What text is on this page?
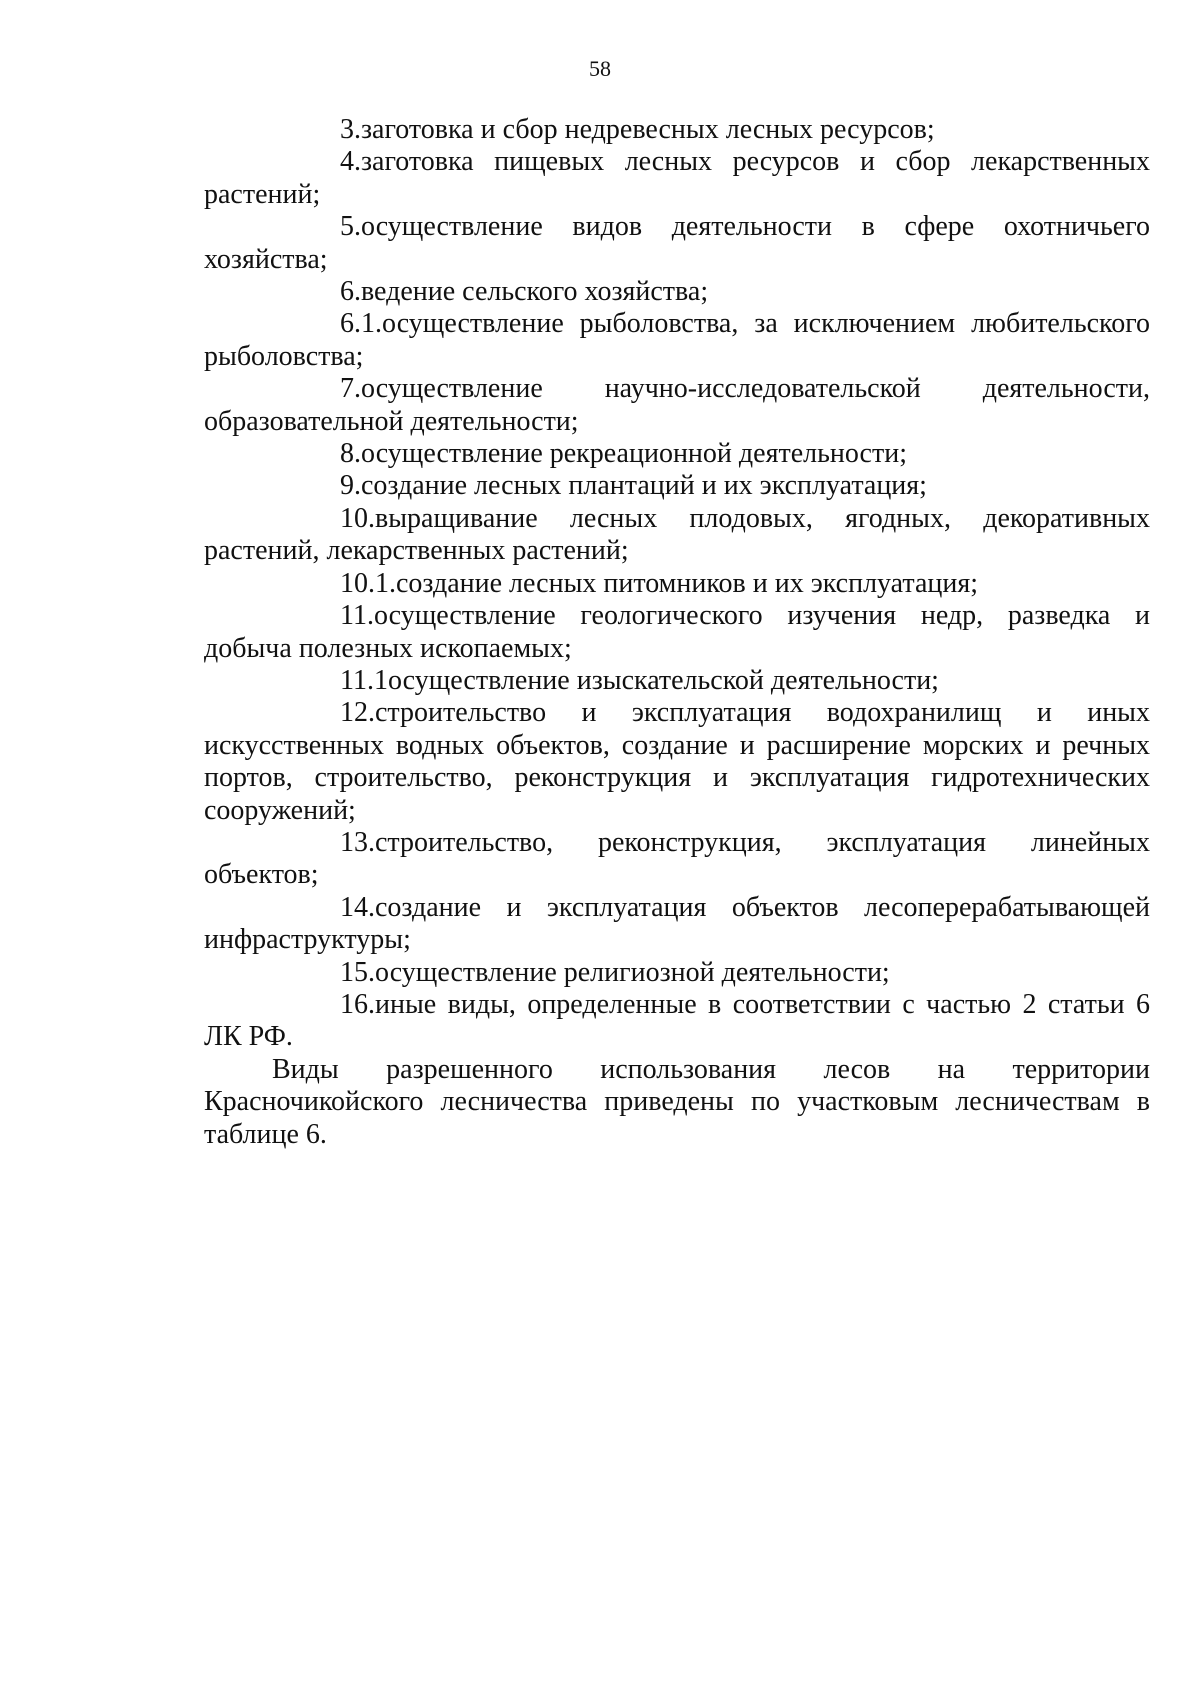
58

3.заготовка и сбор недревесных лесных ресурсов;

4.заготовка пищевых лесных ресурсов и сбор лекарственных растений;

5.осуществление видов деятельности в сфере охотничьего хозяйства;

6.ведение сельского хозяйства;

6.1.осуществление рыболовства, за исключением любительского рыболовства;

7.осуществление научно-исследовательской деятельности, образовательной деятельности;

8.осуществление рекреационной деятельности;

9.создание лесных плантаций и их эксплуатация;

10.выращивание лесных плодовых, ягодных, декоративных растений, лекарственных растений;

10.1.создание лесных питомников и их эксплуатация;

11.осуществление геологического изучения недр, разведка и добыча полезных ископаемых;

11.1осуществление изыскательской деятельности;

12.строительство и эксплуатация водохранилищ и иных искусственных водных объектов, создание и расширение морских и речных портов, строительство, реконструкция и эксплуатация гидротехнических сооружений;

13.строительство, реконструкция, эксплуатация линейных объектов;

14.создание и эксплуатация объектов лесоперерабатывающей инфраструктуры;

15.осуществление религиозной деятельности;

16.иные виды, определенные в соответствии с частью 2 статьи 6 ЛК РФ.

Виды разрешенного использования лесов на территории Красночикойского лесничества приведены по участковым лесничествам в таблице 6.
